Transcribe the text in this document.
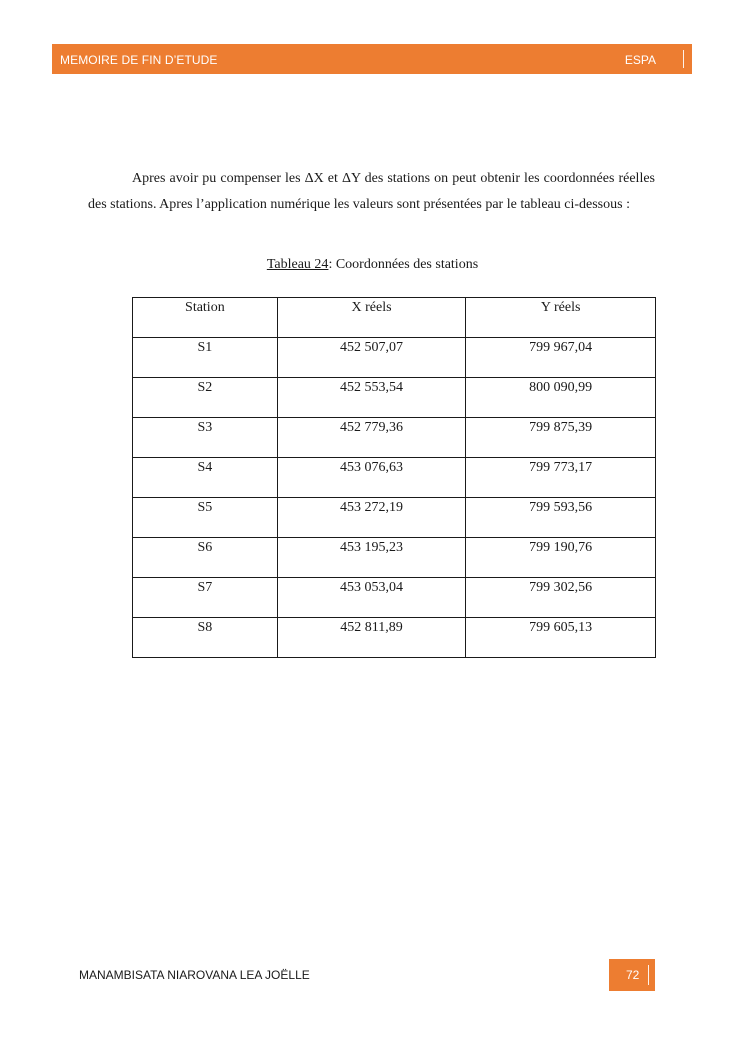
MEMOIRE DE FIN D’ETUDE	ESPA

Apres avoir pu compenser les ΔX et ΔY des stations on peut obtenir les coordonnées réelles des stations. Apres l’application numérique les valeurs sont présentées par le tableau ci-dessous :

Tableau 24: Coordonnées des stations
Station	X réels	Y réels
S1	452 507,07	799 967,04
S2	452 553,54	800 090,99
S3	452 779,36	799 875,39
S4	453 076,63	799 773,17
S5	453 272,19	799 593,56
S6	453 195,23	799 190,76
S7	453 053,04	799 302,56
S8	452 811,89	799 605,13
MANAMBISATA NIAROVANA LEA JOËLLE	72
